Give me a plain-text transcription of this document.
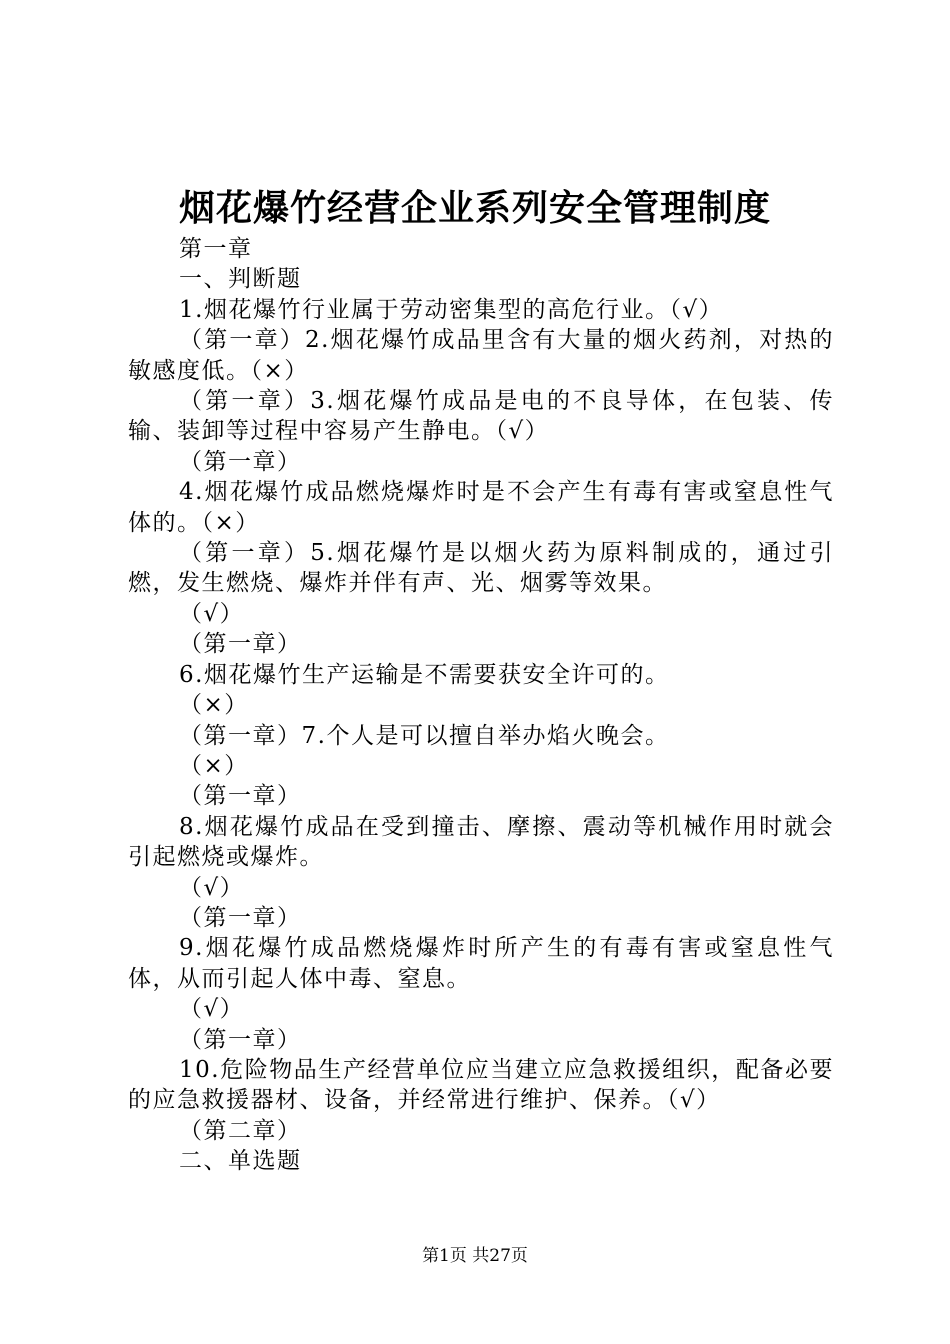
烟花爆竹经营企业系列安全管理制度

第一章

一、判断题

1.烟花爆竹行业属于劳动密集型的高危行业。（√）

（第一章）2.烟花爆竹成品里含有大量的烟火药剂，对热的敏感度低。（×）

（第一章）3.烟花爆竹成品是电的不良导体，在包装、传输、装卸等过程中容易产生静电。（√）

（第一章）

4.烟花爆竹成品燃烧爆炸时是不会产生有毒有害或窒息性气体的。（×）

（第一章）5.烟花爆竹是以烟火药为原料制成的，通过引燃，发生燃烧、爆炸并伴有声、光、烟雾等效果。

（√）

（第一章）

6.烟花爆竹生产运输是不需要获安全许可的。

（×）

（第一章）7.个人是可以擅自举办焰火晚会。

（×）

（第一章）

8.烟花爆竹成品在受到撞击、摩擦、震动等机械作用时就会引起燃烧或爆炸。

（√）

（第一章）

9.烟花爆竹成品燃烧爆炸时所产生的有毒有害或窒息性气体，从而引起人体中毒、窒息。

（√）

（第一章）

10.危险物品生产经营单位应当建立应急救援组织，配备必要的应急救援器材、设备，并经常进行维护、保养。（√）

（第二章）

二、单选题

第1页 共27页
